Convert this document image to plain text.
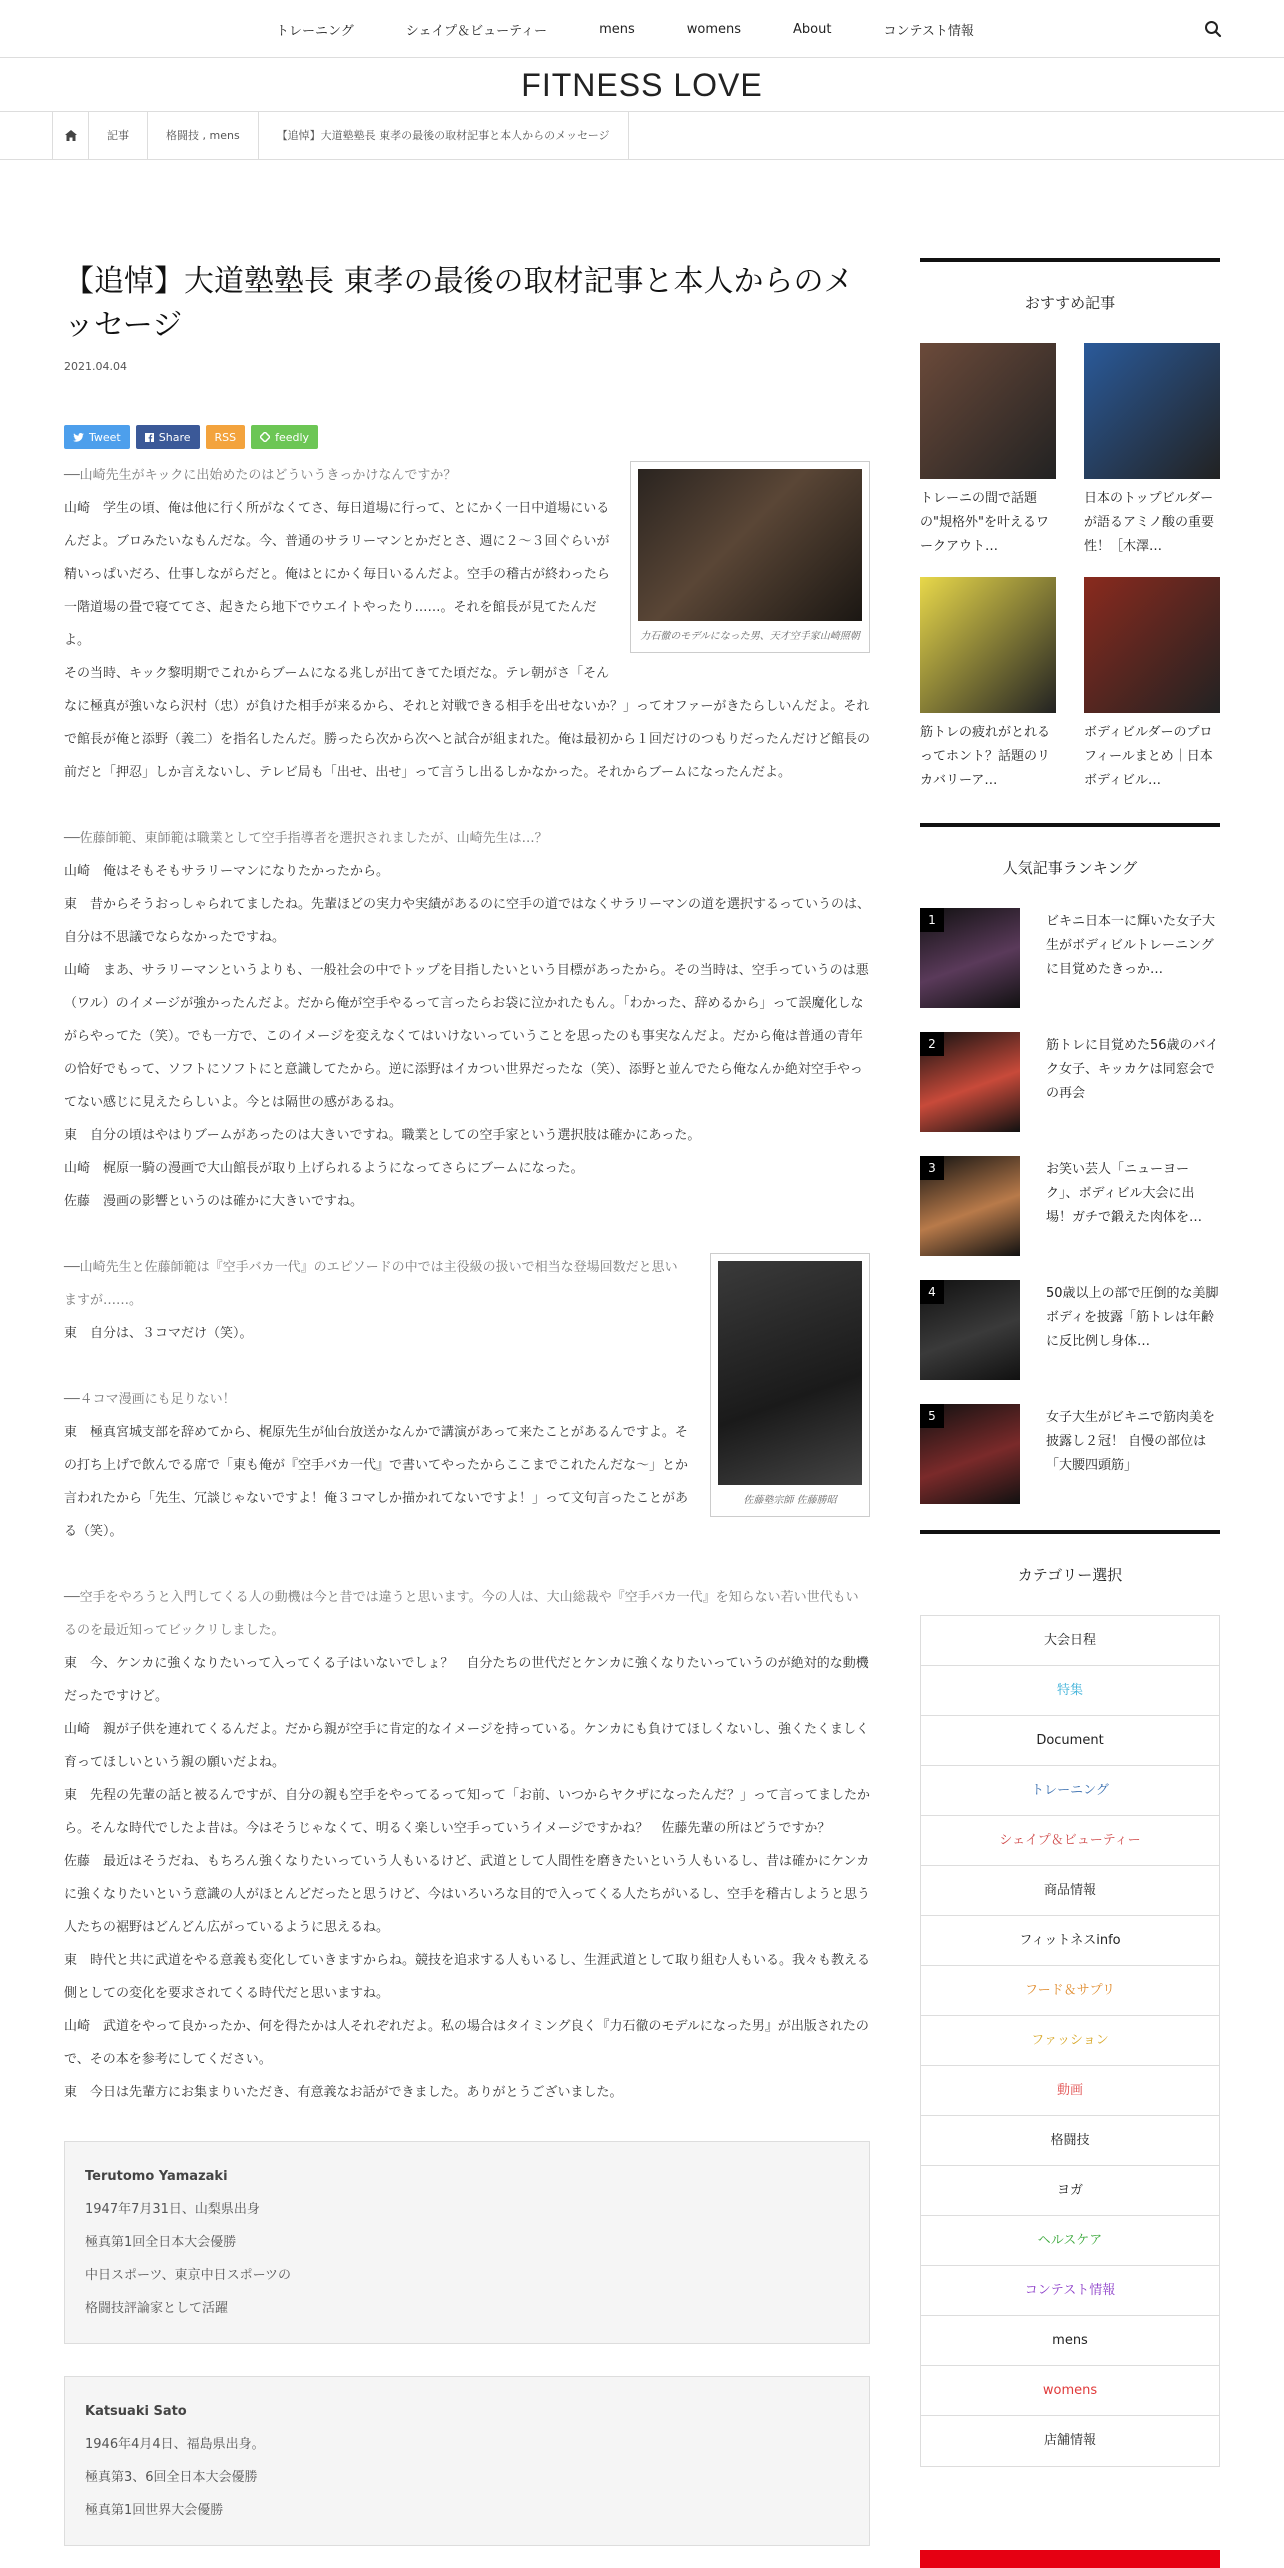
トレーニング	シェイプ＆ビューティー	mens	womens	About	コンテスト情報
FITNESS LOVE
記事	格闘技 , mens	【追悼】大道塾塾長 東孝の最後の取材記事と本人からのメッセージ
【追悼】大道塾塾長 東孝の最後の取材記事と本人からのメッセージ
2021.04.04
Tweet	Share RSS	feedly
力石徹のモデルになった男、天才空手家山崎照朝

──山崎先生がキックに出始めたのはどういうきっかけなんですか？

山崎　学生の頃、俺は他に行く所がなくてさ、毎日道場に行って、とにかく一日中道場にいるんだよ。ブロみたいなもんだな。今、普通のサラリーマンとかだとさ、週に２〜３回ぐらいが精いっぱいだろ、仕事しながらだと。俺はとにかく毎日いるんだよ。空手の稽古が終わったら一階道場の畳で寝ててさ、起きたら地下でウエイトやったり……。それを館長が見てたんだよ。

その当時、キック黎明期でこれからブームになる兆しが出てきてた頃だな。テレ朝がさ「そんなに極真が強いなら沢村（忠）が負けた相手が来るから、それと対戦できる相手を出せないか？」ってオファーがきたらしいんだよ。それで館長が俺と添野（義二）を指名したんだ。勝ったら次から次へと試合が組まれた。俺は最初から１回だけのつもりだったんだけど館長の前だと「押忍」しか言えないし、テレビ局も「出せ、出せ」って言うし出るしかなかった。それからブームになったんだよ。

──佐藤師範、東師範は職業として空手指導者を選択されましたが、山崎先生は…？

山崎　俺はそもそもサラリーマンになりたかったから。

東　昔からそうおっしゃられてましたね。先輩ほどの実力や実績があるのに空手の道ではなくサラリーマンの道を選択するっていうのは、自分は不思議でならなかったですね。

山崎　まあ、サラリーマンというよりも、一般社会の中でトップを目指したいという目標があったから。その当時は、空手っていうのは悪（ワル）のイメージが強かったんだよ。だから俺が空手やるって言ったらお袋に泣かれたもん。「わかった、辞めるから」って誤魔化しながらやってた（笑）。でも一方で、このイメージを変えなくてはいけないっていうことを思ったのも事実なんだよ。だから俺は普通の青年の恰好でもって、ソフトにソフトにと意識してたから。逆に添野はイカつい世界だったな（笑）、添野と並んでたら俺なんか絶対空手やってない感じに見えたらしいよ。今とは隔世の感があるね。

東　自分の頃はやはりブームがあったのは大きいですね。職業としての空手家という選択肢は確かにあった。

山崎　梶原一騎の漫画で大山館長が取り上げられるようになってさらにブームになった。

佐藤　漫画の影響というのは確かに大きいですね。

佐藤塾宗師 佐藤勝昭

──山崎先生と佐藤師範は『空手バカ一代』のエピソードの中では主役級の扱いで相当な登場回数だと思いますが……。

東　自分は、３コマだけ（笑）。

──４コマ漫画にも足りない！

東　極真宮城支部を辞めてから、梶原先生が仙台放送かなんかで講演があって来たことがあるんですよ。その打ち上げで飲んでる席で「東も俺が『空手バカ一代』で書いてやったからここまでこれたんだな〜」とか言われたから「先生、冗談じゃないですよ！俺３コマしか描かれてないですよ！」って文句言ったことがある（笑）。

──空手をやろうと入門してくる人の動機は今と昔では違うと思います。今の人は、大山総裁や『空手バカ一代』を知らない若い世代もいるのを最近知ってビックリしました。

東　今、ケンカに強くなりたいって入ってくる子はいないでしょ？　自分たちの世代だとケンカに強くなりたいっていうのが絶対的な動機だったですけど。

山崎　親が子供を連れてくるんだよ。だから親が空手に肯定的なイメージを持っている。ケンカにも負けてほしくないし、強くたくましく育ってほしいという親の願いだよね。

東　先程の先輩の話と被るんですが、自分の親も空手をやってるって知って「お前、いつからヤクザになったんだ？」って言ってましたから。そんな時代でしたよ昔は。今はそうじゃなくて、明るく楽しい空手っていうイメージですかね？　佐藤先輩の所はどうですか？

佐藤　最近はそうだね、もちろん強くなりたいっていう人もいるけど、武道として人間性を磨きたいという人もいるし、昔は確かにケンカに強くなりたいという意識の人がほとんどだったと思うけど、今はいろいろな目的で入ってくる人たちがいるし、空手を稽古しようと思う人たちの裾野はどんどん広がっているように思えるね。

東　時代と共に武道をやる意義も変化していきますからね。競技を追求する人もいるし、生涯武道として取り組む人もいる。我々も教える側としての変化を要求されてくる時代だと思いますね。

山崎　武道をやって良かったか、何を得たかは人それぞれだよ。私の場合はタイミング良く『力石徹のモデルになった男』が出版されたので、その本を参考にしてください。

東　今日は先輩方にお集まりいただき、有意義なお話ができました。ありがとうございました。

Terutomo Yamazaki
1947年7月31日、山梨県出身
極真第1回全日本大会優勝
中日スポーツ、東京中日スポーツの
格闘技評論家として活躍
Katsuaki Sato
1946年4月4日、福島県出身。
極真第3、6回全日本大会優勝
極真第1回世界大会優勝
おすすめ記事
トレーニの間で話題の"規格外"を叶えるワークアウト…
日本のトップビルダーが語るアミノ酸の重要性！［木澤…
筋トレの疲れがとれるってホント？話題のリカバリーア…
ボディビルダーのプロフィールまとめ｜日本ボディビル…
人気記事ランキング
1	ビキニ日本一に輝いた女子大生がボディビルトレーニングに目覚めたきっか…
2	筋トレに目覚めた56歳のバイク女子、キッカケは同窓会での再会
3	お笑い芸人「ニューヨーク」、ボディビル大会に出場！ガチで鍛えた肉体を…
4	50歳以上の部で圧倒的な美脚ボディを披露「筋トレは年齢に反比例し身体…
5	女子大生がビキニで筋肉美を披露し２冠！ 自慢の部位は「大腰四頭筋」
カテゴリー選択
大会日程
特集
Document
トレーニング
シェイプ＆ビューティー
商品情報
フィットネスinfo
フード＆サプリ
ファッション
動画
格闘技
ヨガ
ヘルスケア
コンテスト情報
mens
womens
店舗情報
